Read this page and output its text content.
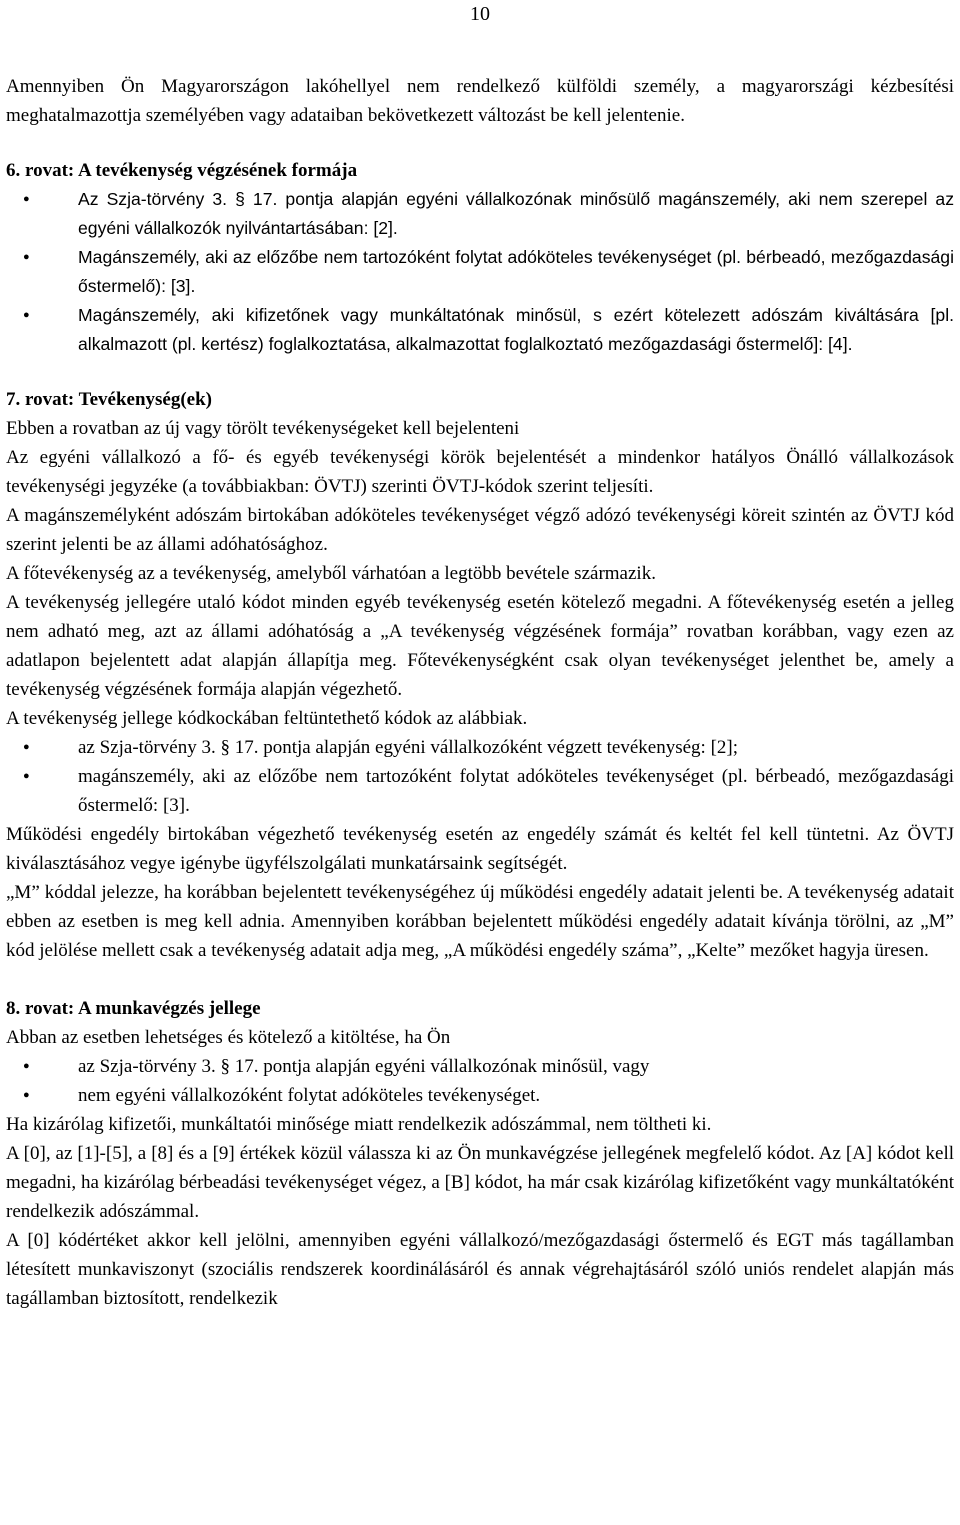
10

Amennyiben Ön Magyarországon lakóhellyel nem rendelkező külföldi személy, a magyarországi kézbesítési meghatalmazottja személyében vagy adataiban bekövetkezett változást be kell jelentenie.

6. rovat: A tevékenység végzésének formája

● Az Szja-törvény 3. § 17. pontja alapján egyéni vállalkozónak minősülő magánszemély, aki nem szerepel az egyéni vállalkozók nyilvántartásában: [2].
● Magánszemély, aki az előzőbe nem tartozóként folytat adóköteles tevékenységet (pl. bérbeadó, mezőgazdasági őstermelő): [3].
● Magánszemély, aki kifizetőnek vagy munkáltatónak minősül, s ezért kötelezett adószám kiváltására [pl. alkalmazott (pl. kertész) foglalkoztatása, alkalmazottat foglalkoztató mezőgazdasági őstermelő]: [4].

7. rovat: Tevékenység(ek)

Ebben a rovatban az új vagy törölt tevékenységeket kell bejelenteni

Az egyéni vállalkozó a fő- és egyéb tevékenységi körök bejelentését a mindenkor hatályos Önálló vállalkozások tevékenységi jegyzéke (a továbbiakban: ÖVTJ) szerinti ÖVTJ-kódok szerint teljesíti.

A magánszemélyként adószám birtokában adóköteles tevékenységet végző adózó tevékenységi köreit szintén az ÖVTJ kód szerint jelenti be az állami adóhatósághoz.

A főtevékenység az a tevékenység, amelyből várhatóan a legtöbb bevétele származik.

A tevékenység jellegére utaló kódot minden egyéb tevékenység esetén kötelező megadni. A főtevékenység esetén a jelleg nem adható meg, azt az állami adóhatóság a „A tevékenység végzésének formája” rovatban korábban, vagy ezen az adatlapon bejelentett adat alapján állapítja meg. Főtevékenységként csak olyan tevékenységet jelenthet be, amely a tevékenység végzésének formája alapján végezhető.

A tevékenység jellege kódkockában feltüntethető kódok az alábbiak.

● az Szja-törvény 3. § 17. pontja alapján egyéni vállalkozóként végzett tevékenység: [2];
● magánszemély, aki az előzőbe nem tartozóként folytat adóköteles tevékenységet (pl. bérbeadó, mezőgazdasági őstermelő: [3].

Működési engedély birtokában végezhető tevékenység esetén az engedély számát és keltét fel kell tüntetni. Az ÖVTJ kiválasztásához vegye igénybe ügyfélszolgálati munkatársaink segítségét.

„M” kóddal jelezze, ha korábban bejelentett tevékenységéhez új működési engedély adatait jelenti be. A tevékenység adatait ebben az esetben is meg kell adnia. Amennyiben korábban bejelentett működési engedély adatait kívánja törölni, az „M” kód jelölése mellett csak a tevékenység adatait adja meg, „A működési engedély száma”, „Kelte” mezőket hagyja üresen.

8. rovat: A munkavégzés jellege

Abban az esetben lehetséges és kötelező a kitöltése, ha Ön

● az Szja-törvény 3. § 17. pontja alapján egyéni vállalkozónak minősül, vagy
● nem egyéni vállalkozóként folytat adóköteles tevékenységet.

Ha kizárólag kifizetői, munkáltatói minősége miatt rendelkezik adószámmal, nem töltheti ki.

A [0], az [1]-[5], a [8] és a [9] értékek közül válassza ki az Ön munkavégzése jellegének megfelelő kódot. Az [A] kódot kell megadni, ha kizárólag bérbeadási tevékenységet végez, a [B] kódot, ha már csak kizárólag kifizetőként vagy munkáltatóként rendelkezik adószámmal.

A [0] kódértéket akkor kell jelölni, amennyiben egyéni vállalkozó/mezőgazdasági őstermelő és EGT más tagállamban létesített munkaviszonyt (szociális rendszerek koordinálásáról és annak végrehajtásáról szóló uniós rendelet alapján más tagállamban biztosított, rendelkezik
